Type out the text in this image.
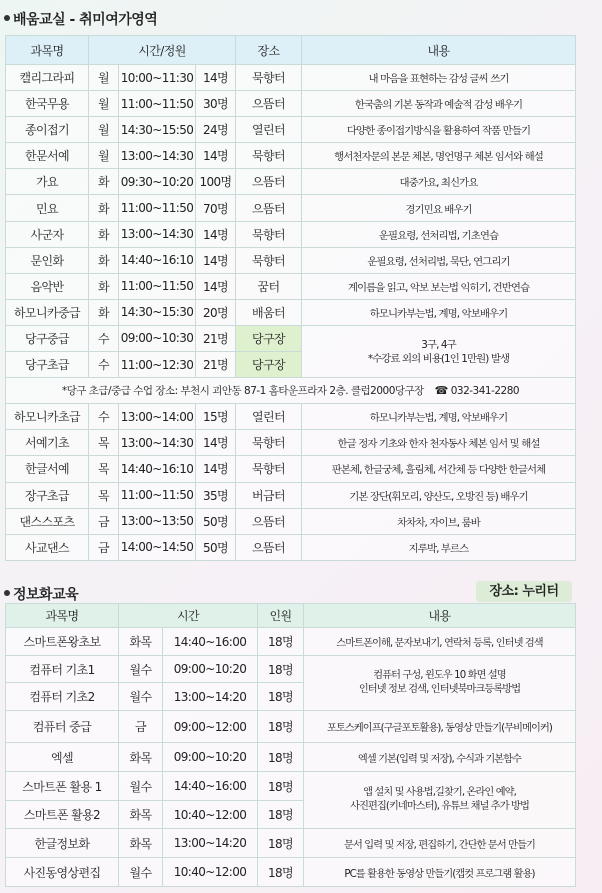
배움교실 - 취미여가영역
과목명	시간/정원			장소	내용
캘리그라피	월	10:00~11:30	14명	묵향터	내 마음을 표현하는 감성 글씨 쓰기
한국무용	월	11:00~11:50	30명	으뜸터	한국춤의 기본 동작과 예술적 감성 배우기
종이접기	월	14:30~15:50	24명	열린터	다양한 종이접기방식을 활용하여 작품 만들기
한문서예	월	13:00~14:30	14명	묵향터	행서천자문의 본문 체본, 명언명구 체본 임서와 해설
가요	화	09:30~10:20	100명	으뜸터	대중가요, 최신가요
민요	화	11:00~11:50	70명	으뜸터	경기민요 배우기
사군자	화	13:00~14:30	14명	묵향터	운필요령, 선처리법, 기초연습
문인화	화	14:40~16:10	14명	묵향터	운필요령, 선처리법, 묵단, 연그리기
음악반	화	11:00~11:50	14명	꿈터	계이름을 읽고, 악보 보는법 익히기, 건반연습
하모니카중급	화	14:30~15:30	20명	배움터	하모니카부는법, 계명, 악보배우기
당구중급	수	09:00~10:30	21명	당구장	3구, 4구
*수강료 외의 비용(1인 1만원) 발생

당구초급	수	11:00~12:30	21명	당구장	
*당구 초급/중급 수업 장소: 부천시 괴안동 87-1 홈타운프라자 2층. 클럽2000당구장 ☎ 032-341-2280					
하모니카초급	수	13:00~14:00	15명	열린터	하모니카부는법, 계명, 악보배우기
서예기초	목	13:00~14:30	14명	묵향터	한글 정자 기초와 한자 천자동사 체본 임서 및 해설
한글서예	목	14:40~16:10	14명	묵향터	판본체, 한글궁체, 흘림체, 서간체 등 다양한 한글서체
장구초급	목	11:00~11:50	35명	버금터	기본 장단(휘모리, 양산도, 오방진 등) 배우기
댄스스포츠	금	13:00~13:50	50명	으뜸터	차차차, 자이브, 룸바
사교댄스	금	14:00~14:50	50명	으뜸터	지루박, 부르스
정보화교육	장소: 누리터
과목명	시간		인원	내용
스마트폰왕초보	화목	14:40~16:00	18명	스마트폰이해, 문자보내기, 연락처 등록, 인터넷 검색
컴퓨터 기초1	월수	09:00~10:20	18명	컴퓨터 구성, 윈도우 10 화면 설명
인터넷 정보 검색, 인터넷북마크등록방법

컴퓨터 기초2	월수	13:00~14:20	18명	
컴퓨터 중급	금	09:00~12:00	18명	포토스케이프(구글포토활용), 동영상 만들기(무비메이커)
엑셀	화목	09:00~10:20	18명	엑셀 기본(입력 및 저장), 수식과 기본함수
스마트폰 활용 1	월수	14:40~16:00	18명	앱 설치 및 사용법,길찾기, 온라인 예약,
사진편집(키네마스터), 유튜브 채널 추가 방법

스마트폰 활용2	화목	10:40~12:00	18명	
한글정보화	화목	13:00~14:20	18명	문서 입력 및 저장, 편집하기, 간단한 문서 만들기
사진동영상편집	월수	10:40~12:00	18명	PC를 활용한 동영상 만들기(캡컷 프로그램 활용)
